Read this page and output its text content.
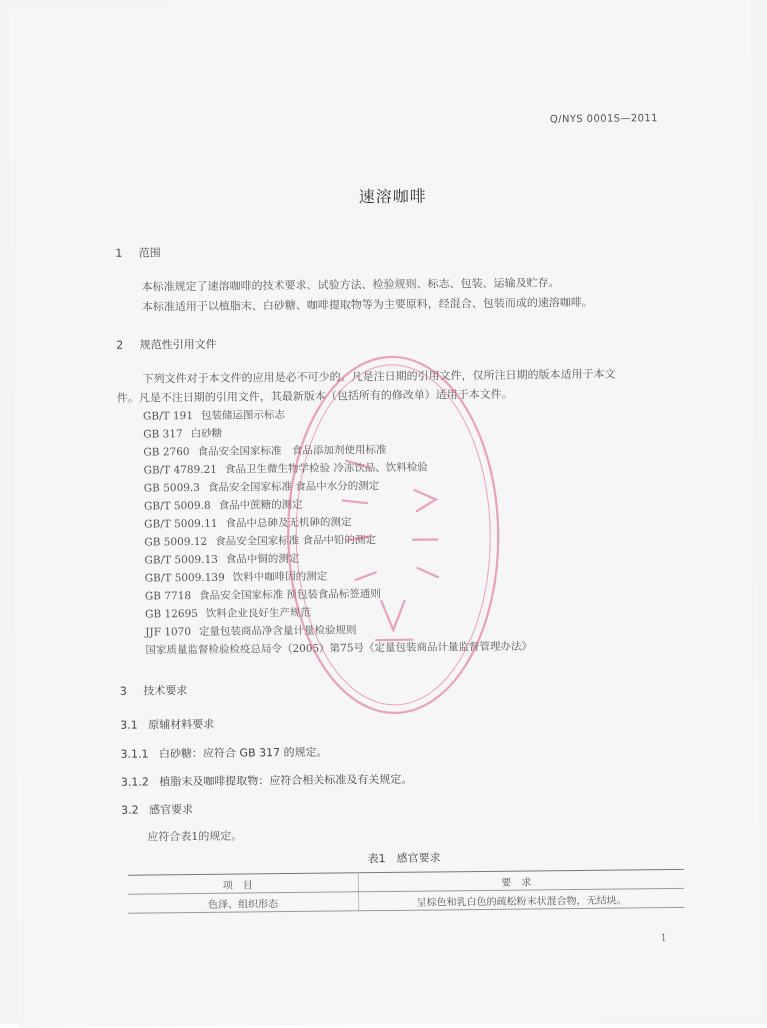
Q/NYS 0001S—2011
速溶咖啡
1 范围
本标准规定了速溶咖啡的技术要求、试验方法、检验规则、标志、包装、运输及贮存。
本标准适用于以植脂末、白砂糖、咖啡提取物等为主要原料，经混合、包装而成的速溶咖啡。
2 规范性引用文件
下列文件对于本文件的应用是必不可少的。凡是注日期的引用文件，仅所注日期的版本适用于本文
件。凡是不注日期的引用文件，其最新版本（包括所有的修改单）适用于本文件。
GB/T 191 包装储运图示标志
GB 317 白砂糖
GB 2760 食品安全国家标准　食品添加剂使用标准
GB/T 4789.21 食品卫生微生物学检验 冷冻饮品、饮料检验
GB 5009.3 食品安全国家标准 食品中水分的测定
GB/T 5009.8 食品中蔗糖的测定
GB/T 5009.11 食品中总砷及无机砷的测定
GB 5009.12 食品安全国家标准 食品中铅的测定
GB/T 5009.13 食品中铜的测定
GB/T 5009.139 饮料中咖啡因的测定
GB 7718 食品安全国家标准 预包装食品标签通则
GB 12695 饮料企业良好生产规范
JJF 1070 定量包装商品净含量计量检验规则
国家质量监督检验检疫总局令（2005）第75号《定量包装商品计量监督管理办法》
3 技术要求
3.1 原辅材料要求
3.1.1 白砂糖：应符合 GB 317 的规定。
3.1.2 植脂末及咖啡提取物：应符合相关标准及有关规定。
3.2 感官要求
应符合表1的规定。
表1　感官要求
项目	要求
色泽、组织形态	呈棕色和乳白色的疏松粉末状混合物，无结块。
1
